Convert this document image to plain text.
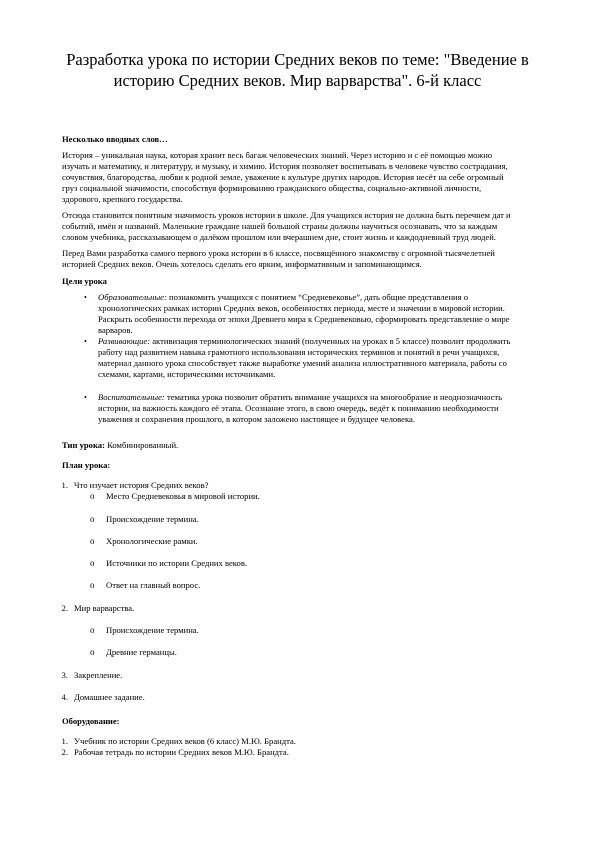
Разработка урока по истории Средних веков по теме: "Введение в
историю Средних веков. Мир варварства". 6-й класс
Несколько вводных слов…
История – уникальная наука, которая хранит весь багаж человеческих знаний. Через историю и с её помощью можно
изучать и математику, и литературу, и музыку, и химию. История позволяет воспитывать в человеке чувство сострадания,
сочувствия, благородства, любви к родной земле, уважение к культуре других народов. История несёт на себе огромный
груз социальной значимости, способствуя формированию гражданского общества, социально-активной личности,
здорового, крепкого государства.
Отсюда становится понятным значимость уроков истории в школе. Для учащихся история не должна быть перечнем дат и
событий, имён и названий. Маленькие граждане нашей большой страны должны научиться осознавать, что за каждым
словом учебника, рассказывающем о далёком прошлом или вчерашнем дне, стоит жизнь и каждодневный труд людей.
Перед Вами разработка самого первого урока истории в 6 классе, посвящённого знакомству с огромной тысячелетней
историей Средних веков. Очень хотелось сделать его ярким, информативным и запоминающимся.
Цели урока
• Образовательные: познакомить учащихся с понятием “Средневековье”, дать общие представления о
хронологических рамках истории Средних веков, особенностях периода, месте и значении в мировой истории.
Раскрыть особенности перехода от эпохи Древнего мира к Средневековью, сформировать представление о мире
варваров.
• Развивающие: активизация терминологических знаний (полученных на уроках в 5 классе) позволит продолжить
работу над развитием навыка грамотного использования исторических терминов и понятий в речи учащихся,
материал данного урока способствует также выработке умений анализа иллюстративного материала, работы со
схемами, картами, историческими источниками.
• Воспитательные: тематика урока позволит обратить внимание учащихся на многообразие и неоднозначность
истории, на важность каждого её этапа. Осознание этого, в свою очередь, ведёт к пониманию необходимости
уважения и сохранения прошлого, в котором заложено настоящее и будущее человека.
Тип урока: Комбинированный.
План урока:
1. Что изучает история Средних веков?
o Место Средневековья в мировой истории.
o Происхождение термина.
o Хронологические рамки.
o Источники по истории Средних веков.
o Ответ на главный вопрос.
2. Мир варварства.
o Происхождение термина.
o Древние германцы.
3. Закрепление.
4. Домашнее задание.
Оборудование:
1. Учебник по истории Средних веков (6 класс) М.Ю. Брандта.
2. Рабочая тетрадь по истории Средних веков М.Ю. Брандта.
